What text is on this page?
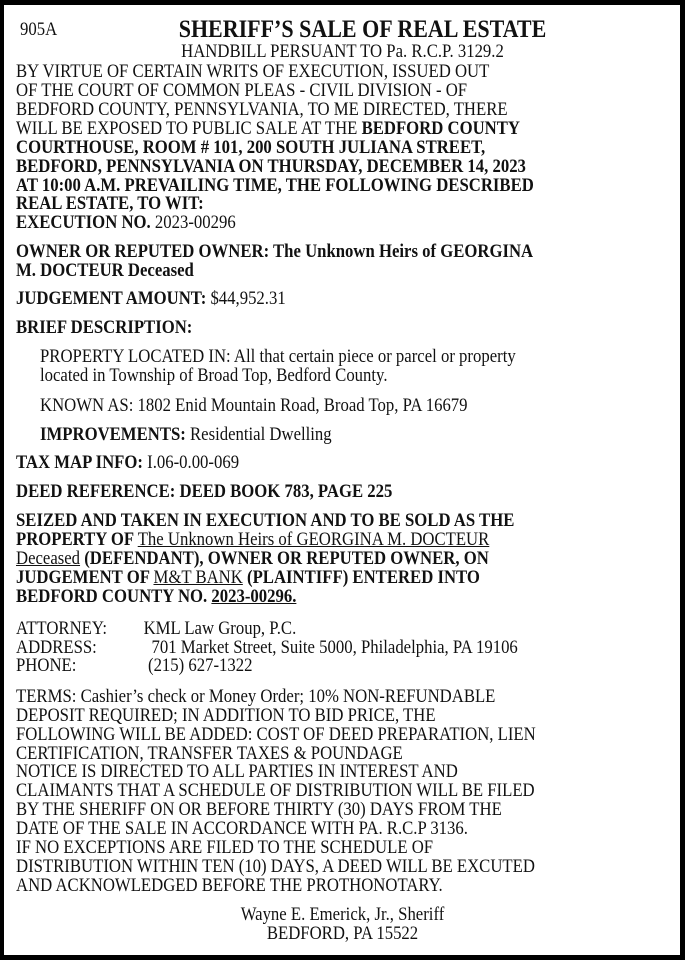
905A	SHERIFF’S SALE OF REAL ESTATE
HANDBILL PERSUANT TO Pa. R.C.P. 3129.2
BY VIRTUE OF CERTAIN WRITS OF EXECUTION, ISSUED OUT
OF THE COURT OF COMMON PLEAS - CIVIL DIVISION - OF
BEDFORD COUNTY, PENNSYLVANIA, TO ME DIRECTED, THERE
WILL BE EXPOSED TO PUBLIC SALE AT THE BEDFORD COUNTY
COURTHOUSE, ROOM # 101, 200 SOUTH JULIANA STREET,
BEDFORD, PENNSYLVANIA ON THURSDAY, DECEMBER 14, 2023
AT 10:00 A.M. PREVAILING TIME, THE FOLLOWING DESCRIBED
REAL ESTATE, TO WIT:
EXECUTION NO. 2023-00296
OWNER OR REPUTED OWNER: The Unknown Heirs of GEORGINA
M. DOCTEUR Deceased
JUDGEMENT AMOUNT: $44,952.31
BRIEF DESCRIPTION:
PROPERTY LOCATED IN: All that certain piece or parcel or property
located in Township of Broad Top, Bedford County.
KNOWN AS: 1802 Enid Mountain Road, Broad Top, PA 16679
IMPROVEMENTS: Residential Dwelling
TAX MAP INFO: I.06-0.00-069
DEED REFERENCE: DEED BOOK 783, PAGE 225
SEIZED AND TAKEN IN EXECUTION AND TO BE SOLD AS THE
PROPERTY OF The Unknown Heirs of GEORGINA M. DOCTEUR
Deceased (DEFENDANT), OWNER OR REPUTED OWNER, ON
JUDGEMENT OF M&T BANK (PLAINTIFF) ENTERED INTO
BEDFORD COUNTY NO. 2023-00296.
ATTORNEY: KML Law Group, P.C.
ADDRESS:	701 Market Street, Suite 5000, Philadelphia, PA 19106
PHONE:	(215) 627-1322
TERMS: Cashier’s check or Money Order; 10% NON-REFUNDABLE
DEPOSIT REQUIRED; IN ADDITION TO BID PRICE, THE
FOLLOWING WILL BE ADDED: COST OF DEED PREPARATION, LIEN
CERTIFICATION, TRANSFER TAXES & POUNDAGE
NOTICE IS DIRECTED TO ALL PARTIES IN INTEREST AND
CLAIMANTS THAT A SCHEDULE OF DISTRIBUTION WILL BE FILED
BY THE SHERIFF ON OR BEFORE THIRTY (30) DAYS FROM THE
DATE OF THE SALE IN ACCORDANCE WITH PA. R.C.P 3136.
IF NO EXCEPTIONS ARE FILED TO THE SCHEDULE OF
DISTRIBUTION WITHIN TEN (10) DAYS, A DEED WILL BE EXCUTED
AND ACKNOWLEDGED BEFORE THE PROTHONOTARY.
Wayne E. Emerick, Jr., Sheriff
BEDFORD, PA 15522
